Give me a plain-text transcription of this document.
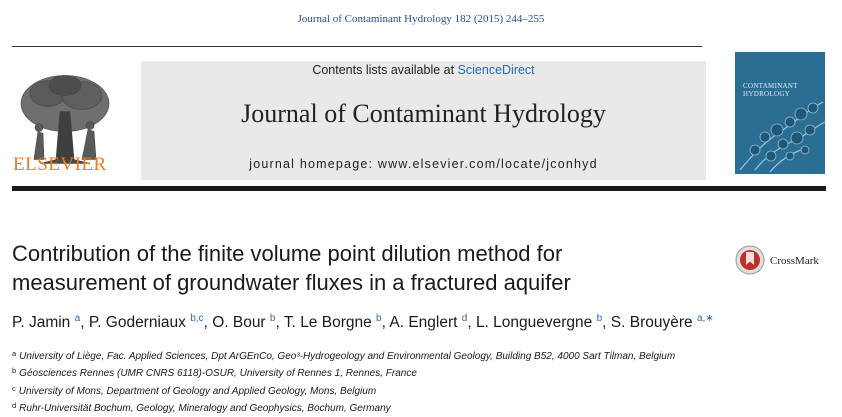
Journal of Contaminant Hydrology 182 (2015) 244–255
ELSEVIER
Contents lists available at ScienceDirect
Journal of Contaminant Hydrology
journal homepage: www.elsevier.com/locate/jconhyd
CONTAMINANT
HYDROLOGY
Contribution of the finite volume point dilution method for
measurement of groundwater fluxes in a fractured aquifer
CrossMark
P. Jamin $^a$, P. Goderniaux $^{b,c}$, O. Bour $^b$, T. Le Borgne $^b$, A. Englert $^d$, L. Longuevergne $^b$, S. Brouyère $^{a,∗}$
$^a$ University of Liège, Fac. Applied Sciences, Dpt ArGEnCo, Geo³-Hydrogeology and Environmental Geology, Building B52, 4000 Sart Tilman, Belgium
$^b$ Géosciences Rennes (UMR CNRS 6118)-OSUR, University of Rennes 1, Rennes, France
$^c$ University of Mons, Department of Geology and Applied Geology, Mons, Belgium
$^d$ Ruhr-Universität Bochum, Geology, Mineralogy and Geophysics, Bochum, Germany
